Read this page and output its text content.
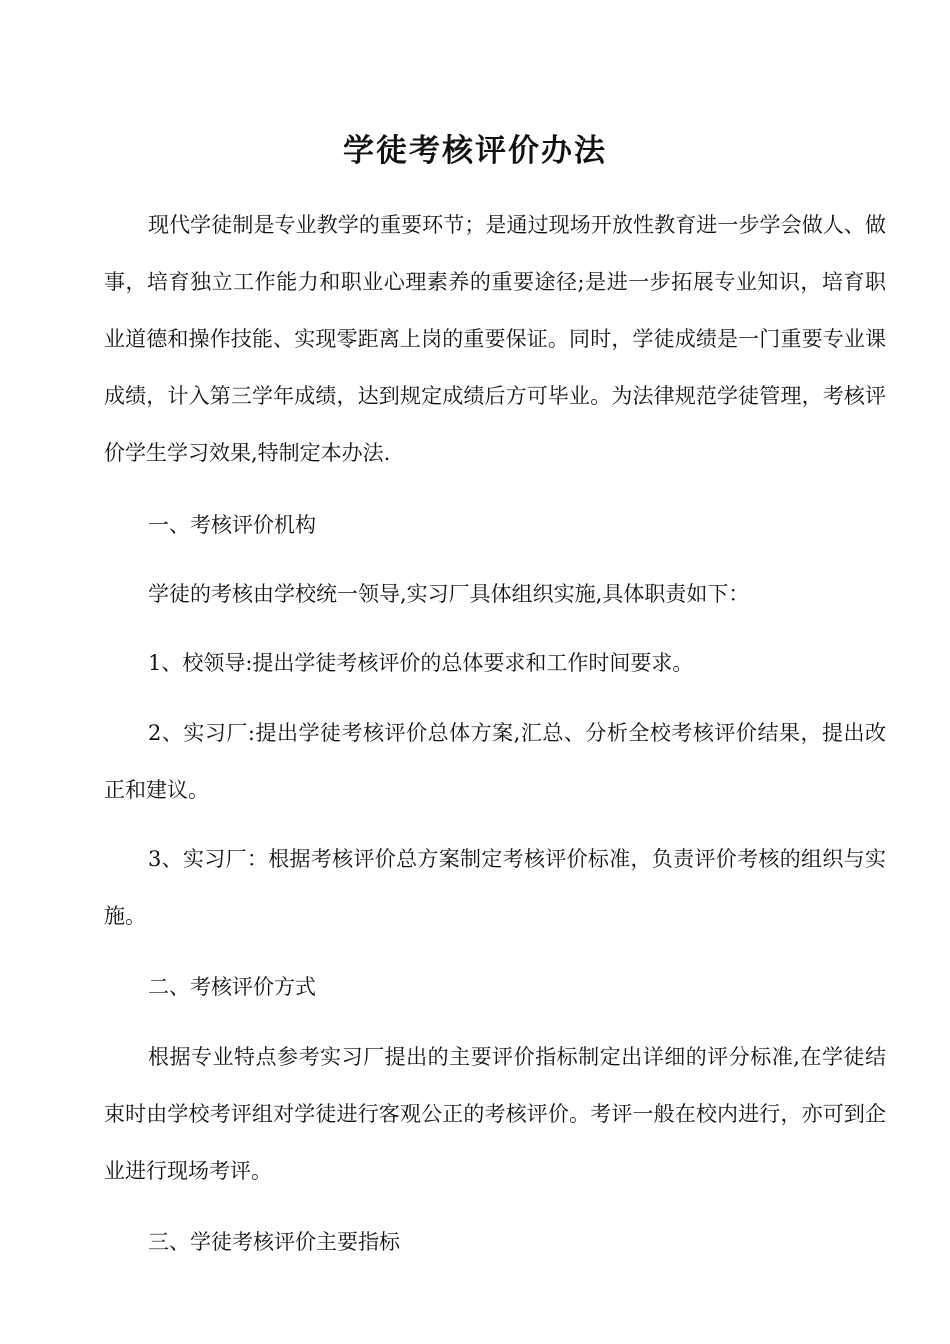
学徒考核评价办法

现代学徒制是专业教学的重要环节；是通过现场开放性教育进一步学会做人、做事，培育独立工作能力和职业心理素养的重要途径;是进一步拓展专业知识，培育职业道德和操作技能、实现零距离上岗的重要保证。同时，学徒成绩是一门重要专业课成绩，计入第三学年成绩，达到规定成绩后方可毕业。为法律规范学徒管理，考核评价学生学习效果,特制定本办法.

一、考核评价机构

学徒的考核由学校统一领导,实习厂具体组织实施,具体职责如下：

1、校领导:提出学徒考核评价的总体要求和工作时间要求。

2、实习厂:提出学徒考核评价总体方案,汇总、分析全校考核评价结果，提出改正和建议。

3、实习厂：根据考核评价总方案制定考核评价标准，负责评价考核的组织与实施。

二、考核评价方式

根据专业特点参考实习厂提出的主要评价指标制定出详细的评分标准,在学徒结束时由学校考评组对学徒进行客观公正的考核评价。考评一般在校内进行，亦可到企业进行现场考评。

三、学徒考核评价主要指标
